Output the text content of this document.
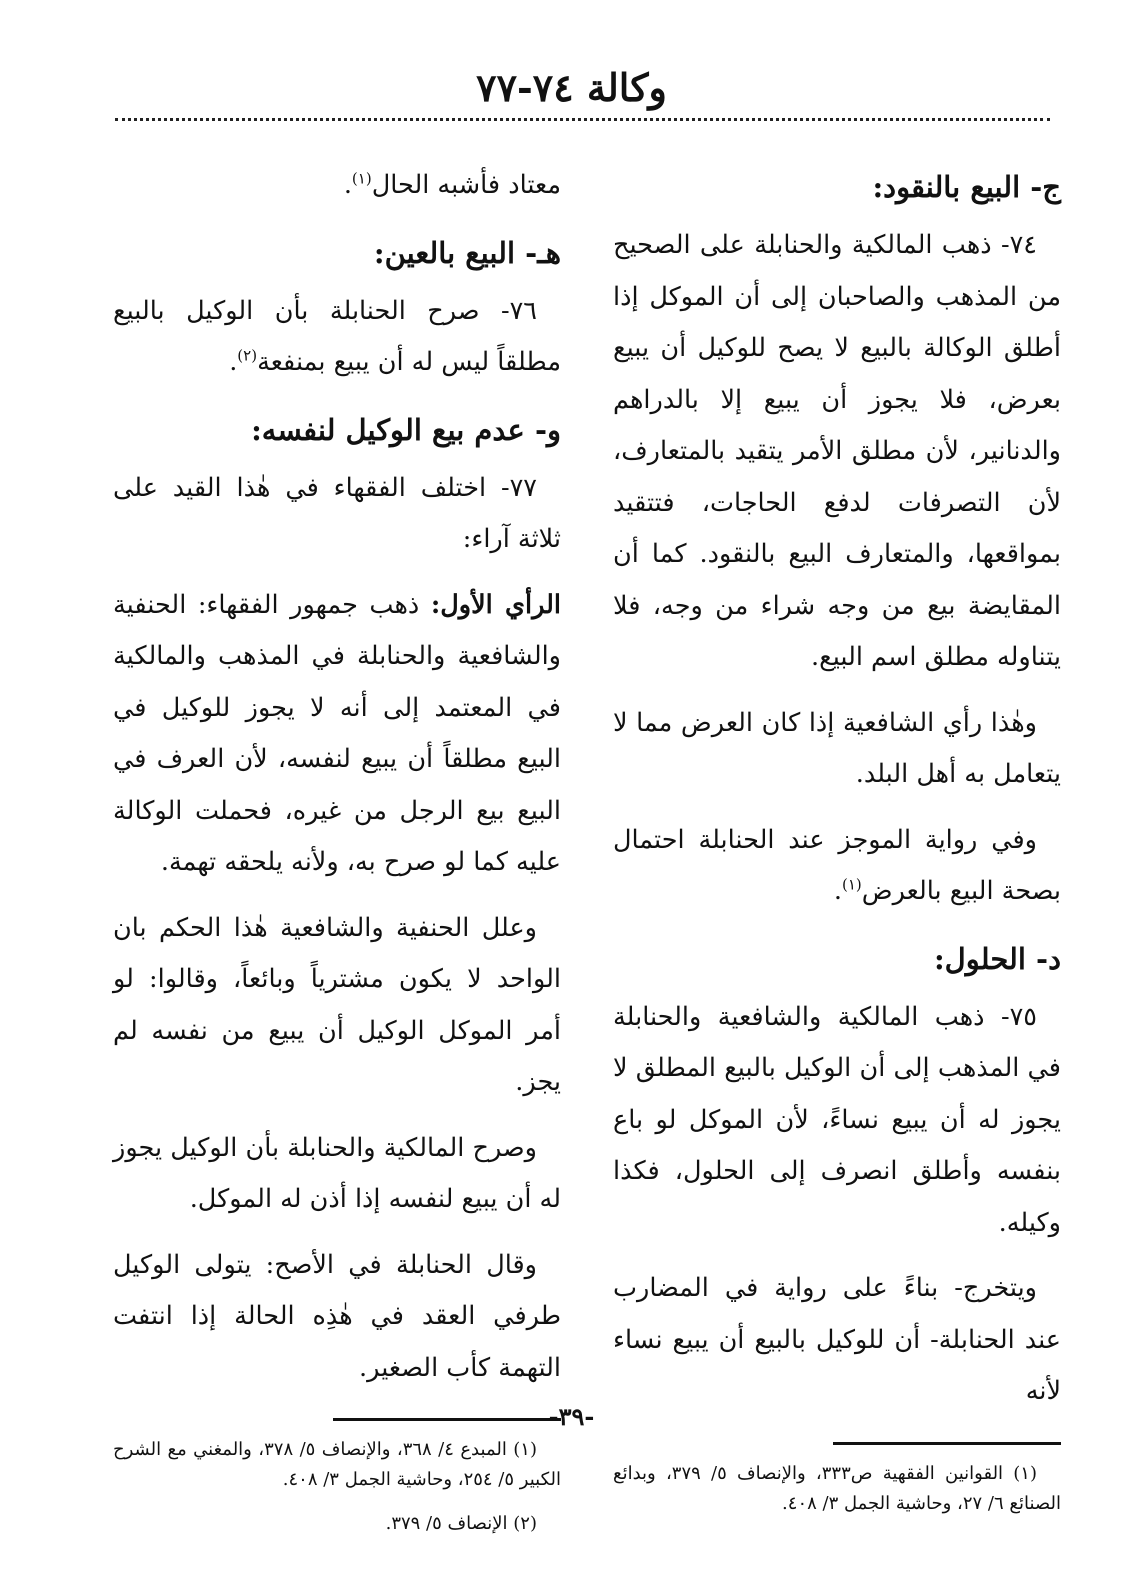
وكالة ٧٤-٧٧
ج- البيع بالنقود:

٧٤- ذهب المالكية والحنابلة على الصحيح من المذهب والصاحبان إلى أن الموكل إذا أطلق الوكالة بالبيع لا يصح للوكيل أن يبيع بعرض، فلا يجوز أن يبيع إلا بالدراهم والدنانير، لأن مطلق الأمر يتقيد بالمتعارف، لأن التصرفات لدفع الحاجات، فتتقيد بمواقعها، والمتعارف البيع بالنقود. كما أن المقايضة بيع من وجه شراء من وجه، فلا يتناوله مطلق اسم البيع.

وهٰذا رأي الشافعية إذا كان العرض مما لا يتعامل به أهل البلد.

وفي رواية الموجز عند الحنابلة احتمال بصحة البيع بالعرض$^{(١)}$.

د- الحلول:

٧٥- ذهب المالكية والشافعية والحنابلة في المذهب إلى أن الوكيل بالبيع المطلق لا يجوز له أن يبيع نساءً، لأن الموكل لو باع بنفسه وأطلق انصرف إلى الحلول، فكذا وكيله.

ويتخرج- بناءً على رواية في المضارب عند الحنابلة- أن للوكيل بالبيع أن يبيع نساء لأنه

(١) القوانين الفقهية ص٣٣٣، والإنصاف ٥/ ٣٧٩، وبدائع الصنائع ٦/ ٢٧، وحاشية الجمل ٣/ ٤٠٨.

معتاد فأشبه الحال$^{(١)}$.

هـ- البيع بالعين:

٧٦- صرح الحنابلة بأن الوكيل بالبيع مطلقاً ليس له أن يبيع بمنفعة$^{(٢)}$.

و- عدم بيع الوكيل لنفسه:

٧٧- اختلف الفقهاء في هٰذا القيد على ثلاثة آراء:

الرأي الأول: ذهب جمهور الفقهاء: الحنفية والشافعية والحنابلة في المذهب والمالكية في المعتمد إلى أنه لا يجوز للوكيل في البيع مطلقاً أن يبيع لنفسه، لأن العرف في البيع بيع الرجل من غيره، فحملت الوكالة عليه كما لو صرح به، ولأنه يلحقه تهمة.

وعلل الحنفية والشافعية هٰذا الحكم بان الواحد لا يكون مشترياً وبائعاً، وقالوا: لو أمر الموكل الوكيل أن يبيع من نفسه لم يجز.

وصرح المالكية والحنابلة بأن الوكيل يجوز له أن يبيع لنفسه إذا أذن له الموكل.

وقال الحنابلة في الأصح: يتولى الوكيل طرفي العقد في هٰذِه الحالة إذا انتفت التهمة كأب الصغير.

(١) المبدع ٤/ ٣٦٨، والإنصاف ٥/ ٣٧٨، والمغني مع الشرح الكبير ٥/ ٢٥٤، وحاشية الجمل ٣/ ٤٠٨.

(٢) الإنصاف ٥/ ٣٧٩.

-٣٩-
